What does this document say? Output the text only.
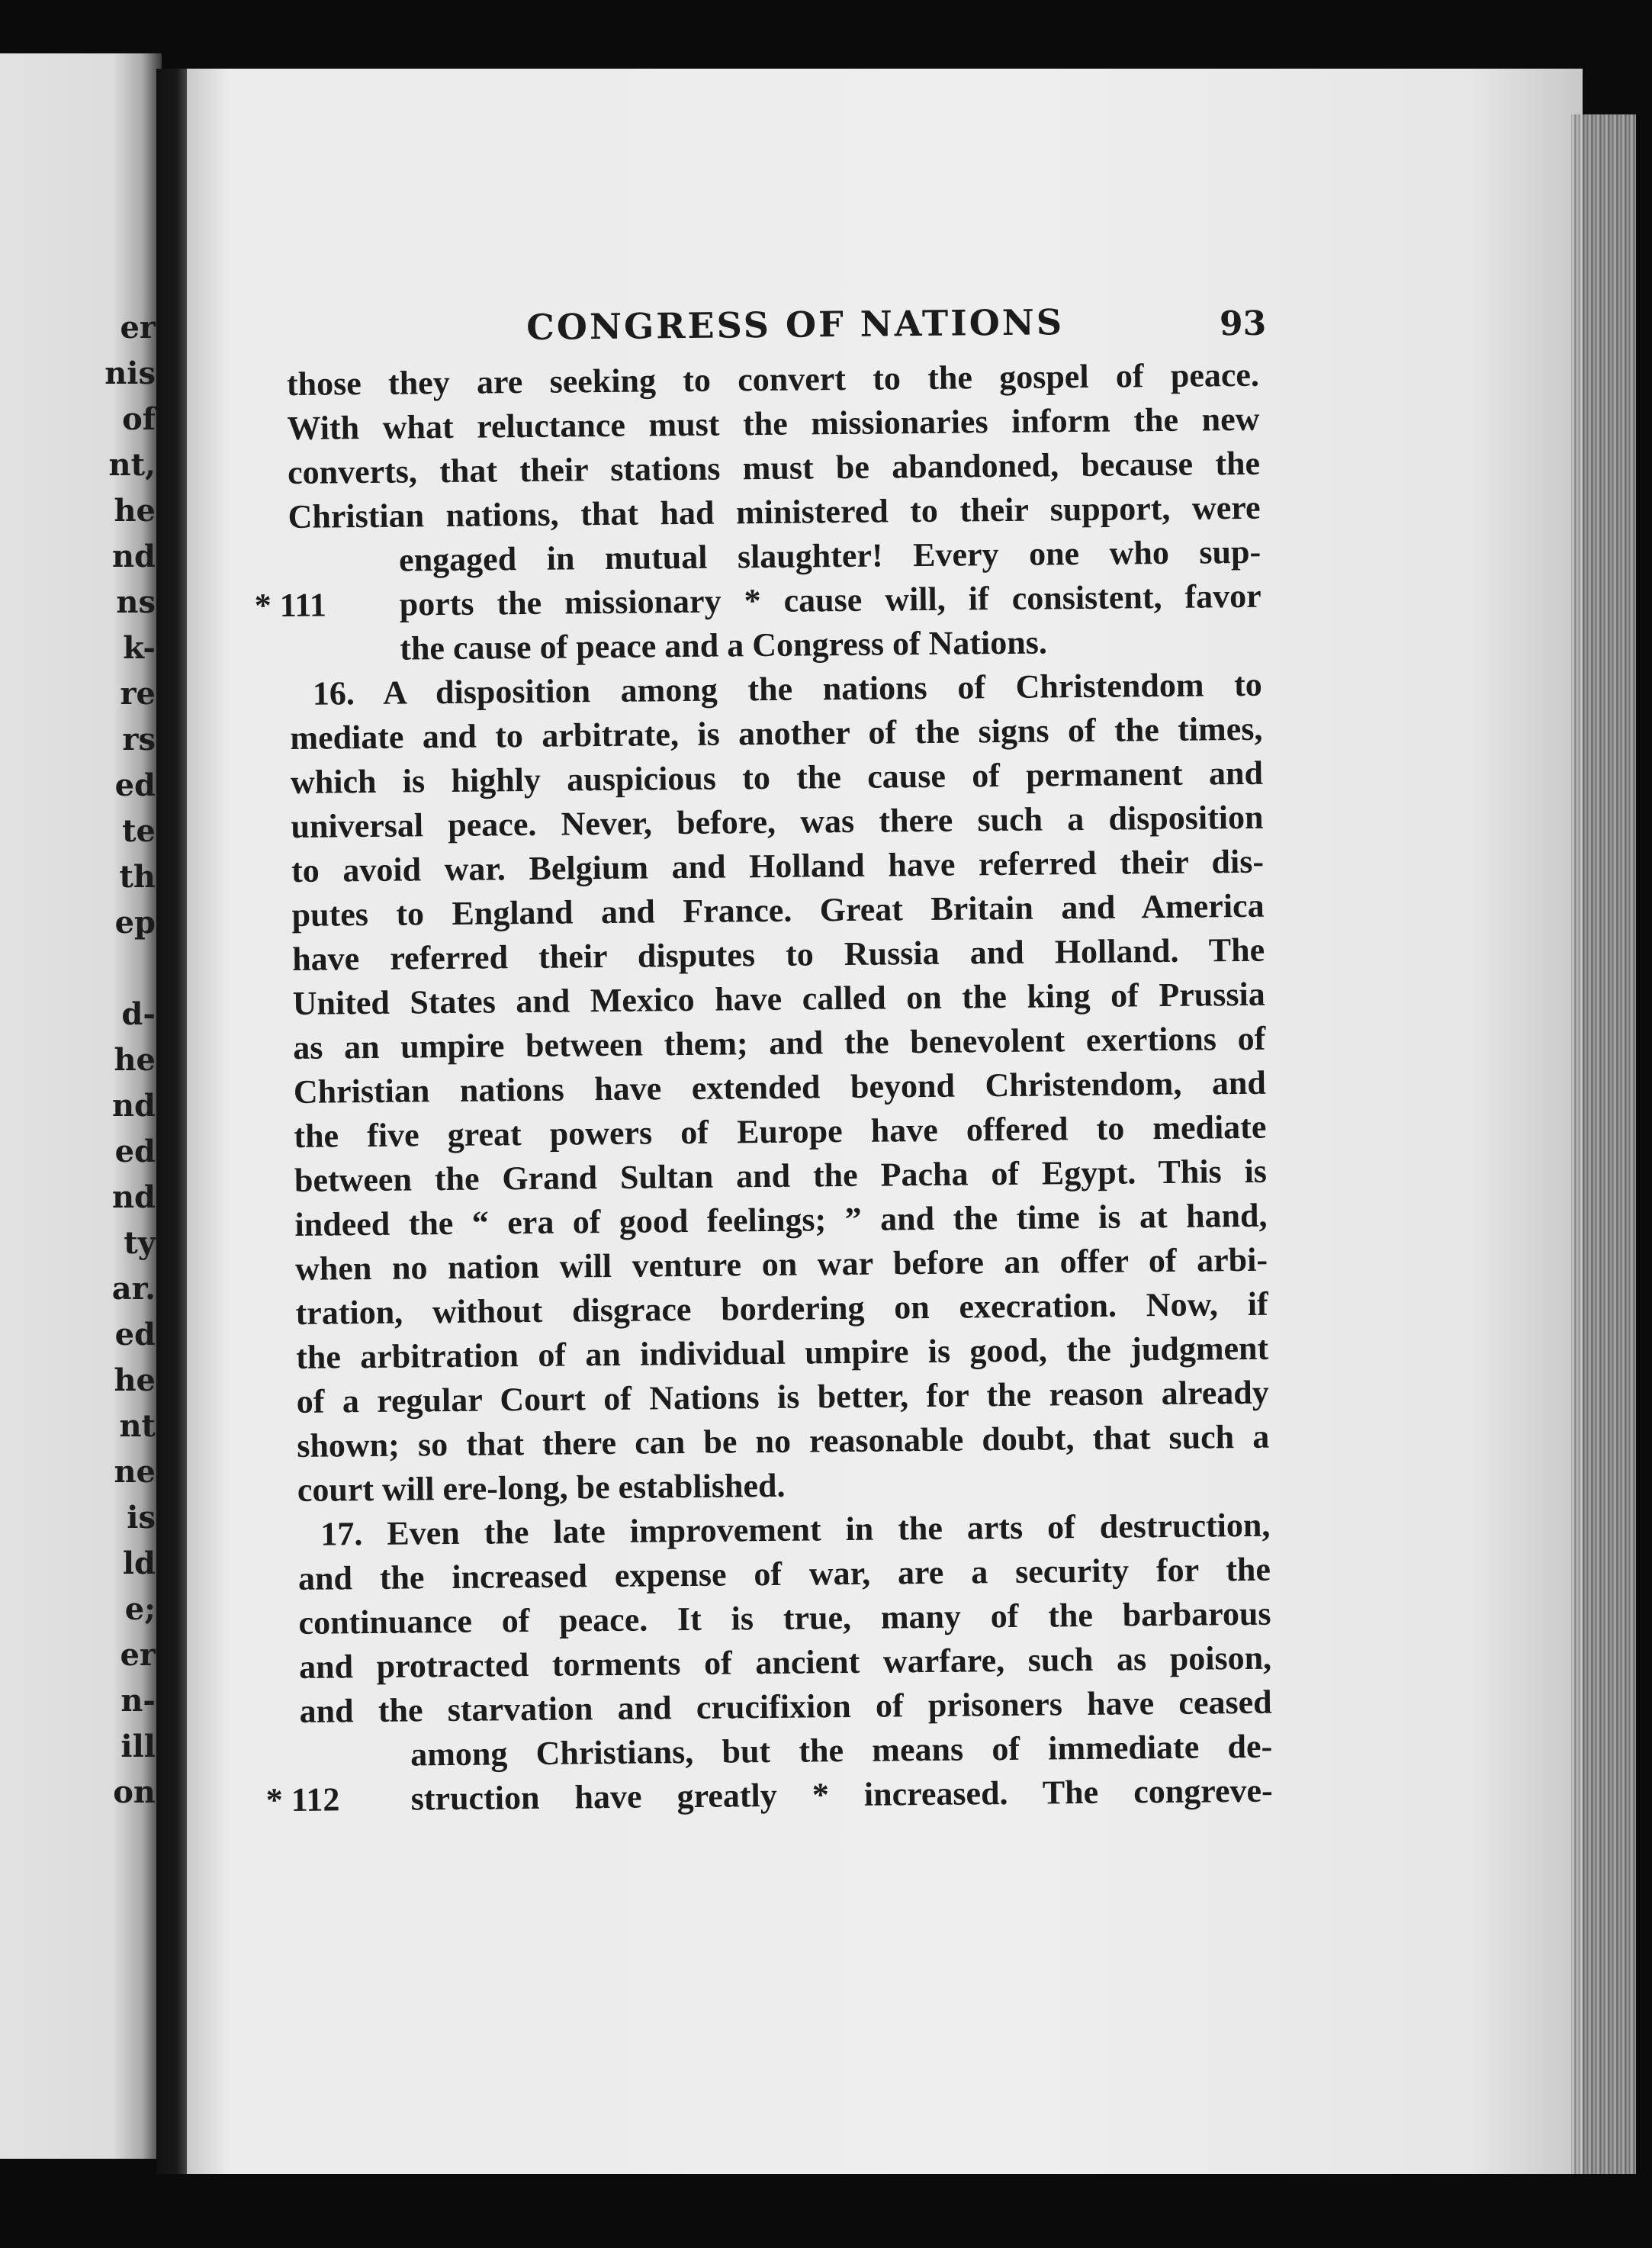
er
nis
of
nt,
he
nd
ns
k-
re
rs
ed
te
th
ep
d-
he
nd
ed
nd
ty
ar.
ed
he
nt
ne
is
ld
e;
er
n-
ill
on
CONGRESS OF NATIONS	93
those they are seeking to convert to the gospel of peace.
With what reluctance must the missionaries inform the new
converts, that their stations must be abandoned, because the
Christian nations, that had ministered to their support, were
engaged in mutual slaughter! Every one who sup-
ports the missionary * cause will, if consistent, favor
* 111
the cause of peace and a Congress of Nations.
16. A disposition among the nations of Christendom to
mediate and to arbitrate, is another of the signs of the times,
which is highly auspicious to the cause of permanent and
universal peace. Never, before, was there such a disposition
to avoid war. Belgium and Holland have referred their dis-
putes to England and France. Great Britain and America
have referred their disputes to Russia and Holland. The
United States and Mexico have called on the king of Prussia
as an umpire between them; and the benevolent exertions of
Christian nations have extended beyond Christendom, and
the five great powers of Europe have offered to mediate
between the Grand Sultan and the Pacha of Egypt. This is
indeed the “ era of good feelings; ” and the time is at hand,
when no nation will venture on war before an offer of arbi-
tration, without disgrace bordering on execration. Now, if
the arbitration of an individual umpire is good, the judgment
of a regular Court of Nations is better, for the reason already
shown; so that there can be no reasonable doubt, that such a
court will ere-long, be established.
17. Even the late improvement in the arts of destruction,
and the increased expense of war, are a security for the
continuance of peace. It is true, many of the barbarous
and protracted torments of ancient warfare, such as poison,
and the starvation and crucifixion of prisoners have ceased
among Christians, but the means of immediate de-
struction have greatly * increased. The congreve-
* 112
